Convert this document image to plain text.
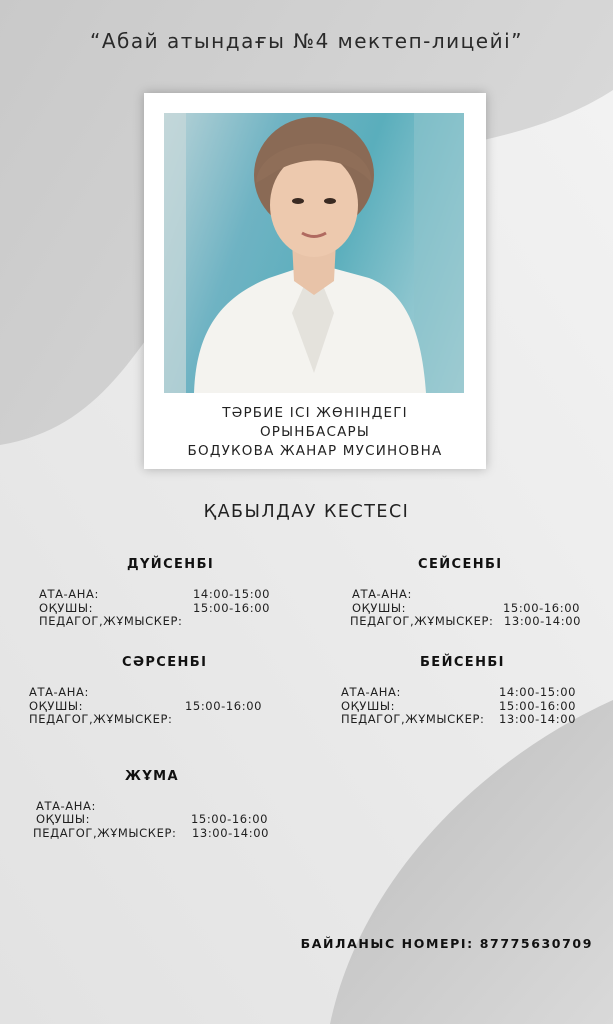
“Абай атындағы №4 мектеп-лицейі”
ТӘРБИЕ ІСІ ЖӨНІНДЕГІ
ОРЫНБАСАРЫ
БОДУКОВА ЖАНАР МУСИНОВНА
ҚАБЫЛДАУ КЕСТЕСІ
ДҮЙСЕНБІ
АТА-АНА:	14:00-15:00
ОҚУШЫ:	15:00-16:00
ПЕДАГОГ,ЖҰМЫСКЕР:
СЕЙСЕНБІ
АТА-АНА:
ОҚУШЫ:	15:00-16:00
ПЕДАГОГ,ЖҰМЫСКЕР: 13:00-14:00
СӘРСЕНБІ
АТА-АНА:
ОҚУШЫ:	15:00-16:00
ПЕДАГОГ,ЖҰМЫСКЕР:
БЕЙСЕНБІ
АТА-АНА:	14:00-15:00
ОҚУШЫ:	15:00-16:00
ПЕДАГОГ,ЖҰМЫСКЕР: 13:00-14:00
ЖҰМА
АТА-АНА:
ОҚУШЫ:	15:00-16:00
ПЕДАГОГ,ЖҰМЫСКЕР: 13:00-14:00
БАЙЛАНЫС НОМЕРІ: 87775630709
